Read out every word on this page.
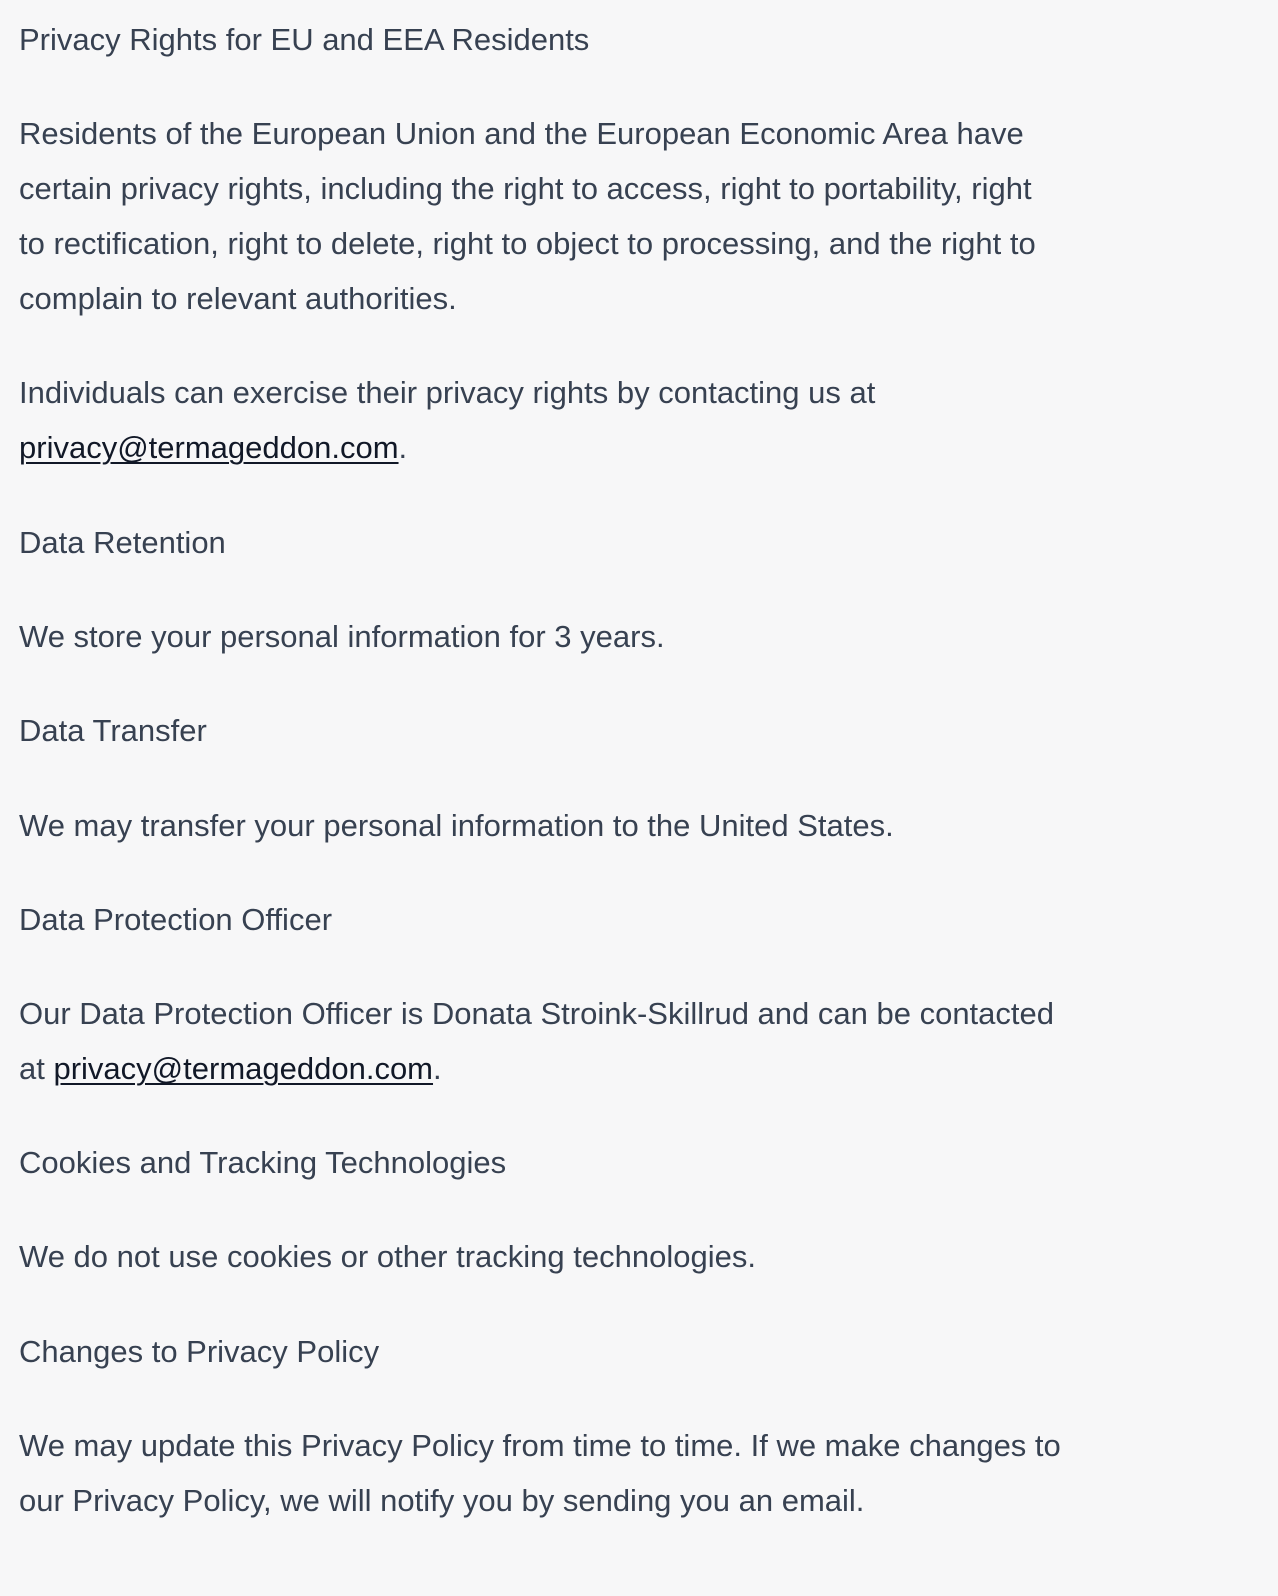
Privacy Rights for EU and EEA Residents
Residents of the European Union and the European Economic Area have
certain privacy rights, including the right to access, right to portability, right
to rectification, right to delete, right to object to processing, and the right to
complain to relevant authorities.
Individuals can exercise their privacy rights by contacting us at
privacy@termageddon.com.
Data Retention
We store your personal information for 3 years.
Data Transfer
We may transfer your personal information to the United States.
Data Protection Officer
Our Data Protection Officer is Donata Stroink-Skillrud and can be contacted
at privacy@termageddon.com.
Cookies and Tracking Technologies
We do not use cookies or other tracking technologies.
Changes to Privacy Policy
We may update this Privacy Policy from time to time. If we make changes to
our Privacy Policy, we will notify you by sending you an email.
